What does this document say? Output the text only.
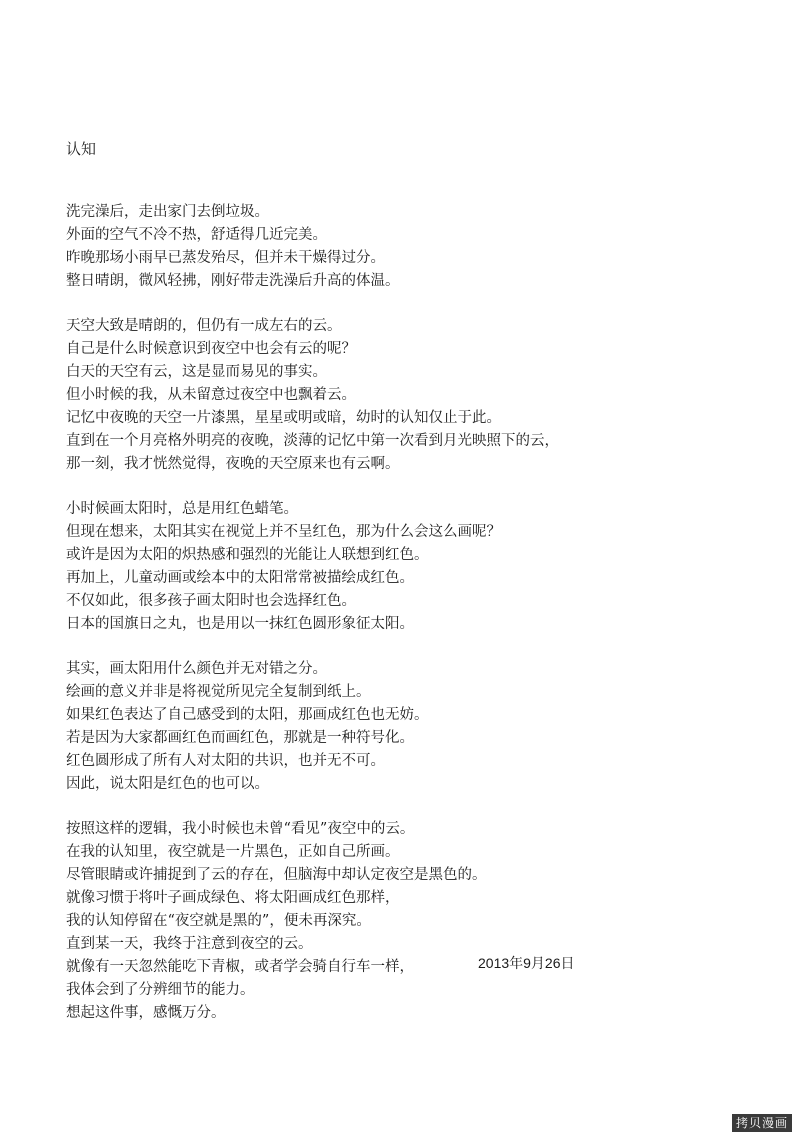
认知
洗完澡后，走出家门去倒垃圾。
外面的空气不冷不热，舒适得几近完美。
昨晚那场小雨早已蒸发殆尽，但并未干燥得过分。
整日晴朗，微风轻拂，刚好带走洗澡后升高的体温。
天空大致是晴朗的，但仍有一成左右的云。
自己是什么时候意识到夜空中也会有云的呢？
白天的天空有云，这是显而易见的事实。
但小时候的我，从未留意过夜空中也飘着云。
记忆中夜晚的天空一片漆黑，星星或明或暗，幼时的认知仅止于此。
直到在一个月亮格外明亮的夜晚，淡薄的记忆中第一次看到月光映照下的云，
那一刻，我才恍然觉得，夜晚的天空原来也有云啊。
小时候画太阳时，总是用红色蜡笔。
但现在想来，太阳其实在视觉上并不呈红色，那为什么会这么画呢？
或许是因为太阳的炽热感和强烈的光能让人联想到红色。
再加上，儿童动画或绘本中的太阳常常被描绘成红色。
不仅如此，很多孩子画太阳时也会选择红色。
日本的国旗日之丸，也是用以一抹红色圆形象征太阳。
其实，画太阳用什么颜色并无对错之分。
绘画的意义并非是将视觉所见完全复制到纸上。
如果红色表达了自己感受到的太阳，那画成红色也无妨。
若是因为大家都画红色而画红色，那就是一种符号化。
红色圆形成了所有人对太阳的共识，也并无不可。
因此，说太阳是红色的也可以。
按照这样的逻辑，我小时候也未曾“看见”夜空中的云。
在我的认知里，夜空就是一片黑色，正如自己所画。
尽管眼睛或许捕捉到了云的存在，但脑海中却认定夜空是黑色的。
就像习惯于将叶子画成绿色、将太阳画成红色那样，
我的认知停留在“夜空就是黑的”，便未再深究。
直到某一天，我终于注意到夜空的云。
就像有一天忽然能吃下青椒，或者学会骑自行车一样，
我体会到了分辨细节的能力。
想起这件事，感慨万分。
2013年9月26日
拷贝漫画
